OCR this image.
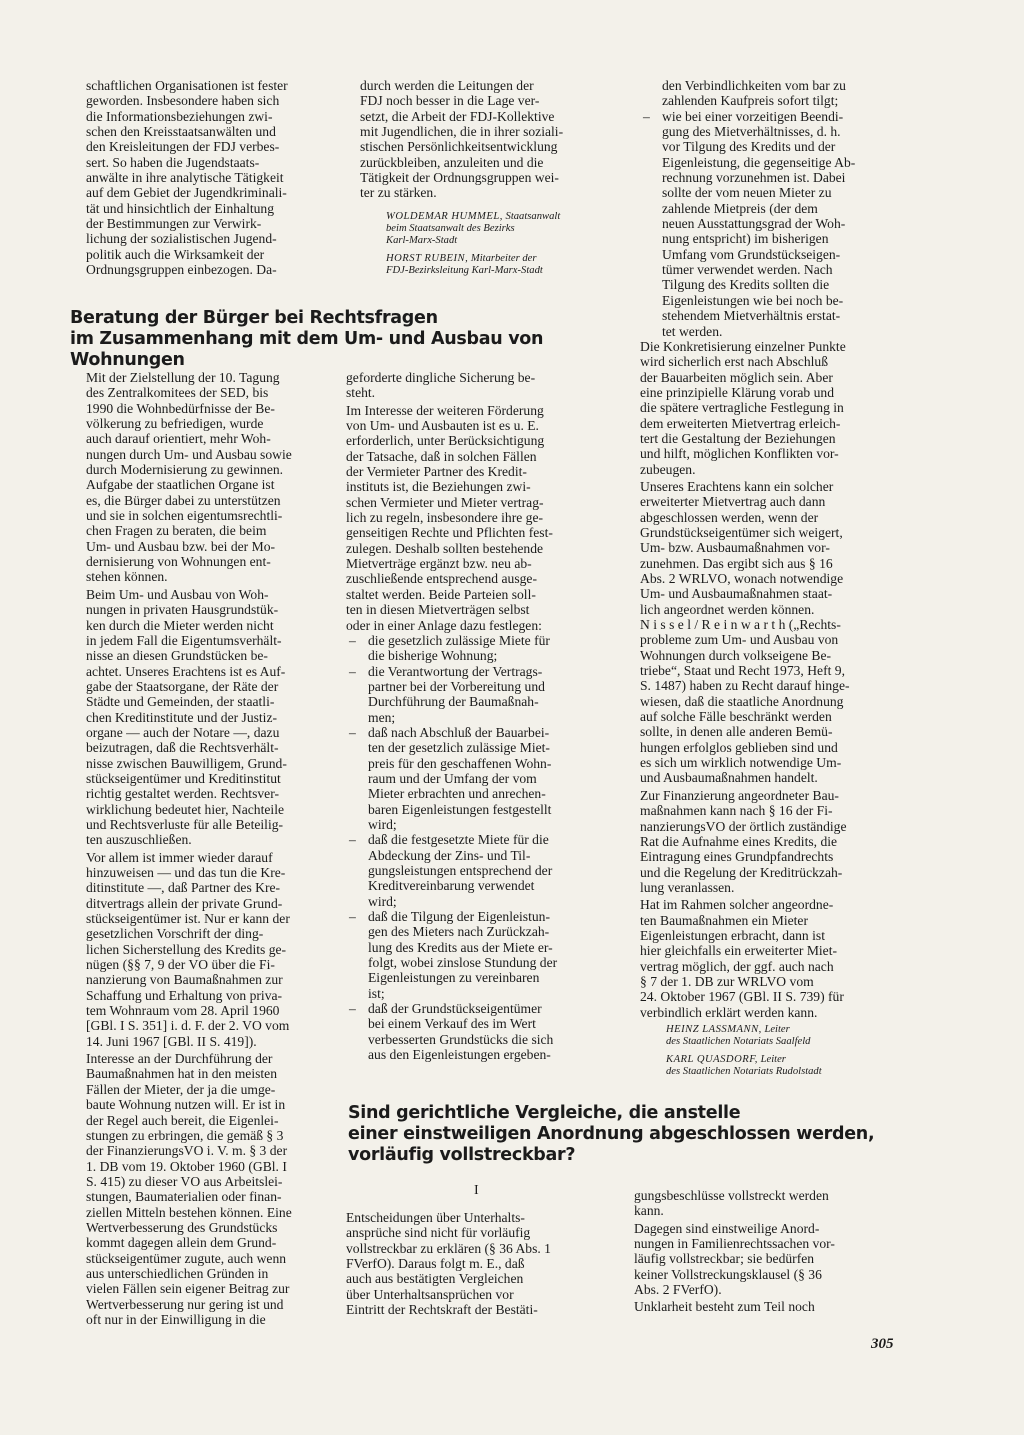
schaftlichen Organisationen ist fester
geworden. Insbesondere haben sich
die Informationsbeziehungen zwi-
schen den Kreisstaatsanwälten und
den Kreisleitungen der FDJ verbes-
sert. So haben die Jugendstaats-
anwälte in ihre analytische Tätigkeit
auf dem Gebiet der Jugendkriminali-
tät und hinsichtlich der Einhaltung
der Bestimmungen zur Verwirk-
lichung der sozialistischen Jugend-
politik auch die Wirksamkeit der
Ordnungsgruppen einbezogen. Da-

durch werden die Leitungen der
FDJ noch besser in die Lage ver-
setzt, die Arbeit der FDJ-Kollektive
mit Jugendlichen, die in ihrer soziali-
stischen Persönlichkeitsentwicklung
zurückbleiben, anzuleiten und die
Tätigkeit der Ordnungsgruppen wei-
ter zu stärken.

WOLDEMAR HUMMEL, Staatsanwalt
beim Staatsanwalt des Bezirks
Karl-Marx-Stadt
HORST RUBEIN, Mitarbeiter der
FDJ-Bezirksleitung Karl-Marx-Stadt
Beratung der Bürger bei Rechtsfragen
im Zusammenhang mit dem Um- und Ausbau von Wohnungen

Mit der Zielstellung der 10. Tagung
des Zentralkomitees der SED, bis
1990 die Wohnbedürfnisse der Be-
völkerung zu befriedigen, wurde
auch darauf orientiert, mehr Woh-
nungen durch Um- und Ausbau sowie
durch Modernisierung zu gewinnen.
Aufgabe der staatlichen Organe ist
es, die Bürger dabei zu unterstützen
und sie in solchen eigentumsrechtli-
chen Fragen zu beraten, die beim
Um- und Ausbau bzw. bei der Mo-
dernisierung von Wohnungen ent-
stehen können.

Beim Um- und Ausbau von Woh-
nungen in privaten Hausgrundstük-
ken durch die Mieter werden nicht
in jedem Fall die Eigentumsverhält-
nisse an diesen Grundstücken be-
achtet. Unseres Erachtens ist es Auf-
gabe der Staatsorgane, der Räte der
Städte und Gemeinden, der staatli-
chen Kreditinstitute und der Justiz-
organe — auch der Notare —, dazu
beizutragen, daß die Rechtsverhält-
nisse zwischen Bauwilligem, Grund-
stückseigentümer und Kreditinstitut
richtig gestaltet werden. Rechtsver-
wirklichung bedeutet hier, Nachteile
und Rechtsverluste für alle Beteilig-
ten auszuschließen.

Vor allem ist immer wieder darauf
hinzuweisen — und das tun die Kre-
ditinstitute —, daß Partner des Kre-
ditvertrags allein der private Grund-
stückseigentümer ist. Nur er kann der
gesetzlichen Vorschrift der ding-
lichen Sicherstellung des Kredits ge-
nügen (§§ 7, 9 der VO über die Fi-
nanzierung von Baumaßnahmen zur
Schaffung und Erhaltung von priva-
tem Wohnraum vom 28. April 1960
[GBl. I S. 351] i. d. F. der 2. VO vom
14. Juni 1967 [GBl. II S. 419]).

Interesse an der Durchführung der
Baumaßnahmen hat in den meisten
Fällen der Mieter, der ja die umge-
baute Wohnung nutzen will. Er ist in
der Regel auch bereit, die Eigenlei-
stungen zu erbringen, die gemäß § 3
der FinanzierungsVO i. V. m. § 3 der
1. DB vom 19. Oktober 1960 (GBl. I
S. 415) zu dieser VO aus Arbeitslei-
stungen, Baumaterialien oder finan-
ziellen Mitteln bestehen können. Eine
Wertverbesserung des Grundstücks
kommt dagegen allein dem Grund-
stückseigentümer zugute, auch wenn
aus unterschiedlichen Gründen in
vielen Fällen sein eigener Beitrag zur
Wertverbesserung nur gering ist und
oft nur in der Einwilligung in die

geforderte dingliche Sicherung be-
steht.

Im Interesse der weiteren Förderung
von Um- und Ausbauten ist es u. E.
erforderlich, unter Berücksichtigung
der Tatsache, daß in solchen Fällen
der Vermieter Partner des Kredit-
instituts ist, die Beziehungen zwi-
schen Vermieter und Mieter vertrag-
lich zu regeln, insbesondere ihre ge-
genseitigen Rechte und Pflichten fest-
zulegen. Deshalb sollten bestehende
Mietverträge ergänzt bzw. neu ab-
zuschließende entsprechend ausge-
staltet werden. Beide Parteien soll-
ten in diesen Mietverträgen selbst
oder in einer Anlage dazu festlegen:

– die gesetzlich zulässige Miete für
die bisherige Wohnung;
– die Verantwortung der Vertrags-
partner bei der Vorbereitung und
Durchführung der Baumaßnah-
men;
– daß nach Abschluß der Bauarbei-
ten der gesetzlich zulässige Miet-
preis für den geschaffenen Wohn-
raum und der Umfang der vom
Mieter erbrachten und anrechen-
baren Eigenleistungen festgestellt
wird;
– daß die festgesetzte Miete für die
Abdeckung der Zins- und Til-
gungsleistungen entsprechend der
Kreditvereinbarung verwendet
wird;
– daß die Tilgung der Eigenleistun-
gen des Mieters nach Zurückzah-
lung des Kredits aus der Miete er-
folgt, wobei zinslose Stundung der
Eigenleistungen zu vereinbaren
ist;
– daß der Grundstückseigentümer
bei einem Verkauf des im Wert
verbesserten Grundstücks die sich
aus den Eigenleistungen ergeben-

den Verbindlichkeiten vom bar zu
zahlenden Kaufpreis sofort tilgt;

– wie bei einer vorzeitigen Beendi-
gung des Mietverhältnisses, d. h.
vor Tilgung des Kredits und der
Eigenleistung, die gegenseitige Ab-
rechnung vorzunehmen ist. Dabei
sollte der vom neuen Mieter zu
zahlende Mietpreis (der dem
neuen Ausstattungsgrad der Woh-
nung entspricht) im bisherigen
Umfang vom Grundstückseigen-
tümer verwendet werden. Nach
Tilgung des Kredits sollten die
Eigenleistungen wie bei noch be-
stehendem Mietverhältnis erstat-
tet werden.

Die Konkretisierung einzelner Punkte
wird sicherlich erst nach Abschluß
der Bauarbeiten möglich sein. Aber
eine prinzipielle Klärung vorab und
die spätere vertragliche Festlegung in
dem erweiterten Mietvertrag erleich-
tert die Gestaltung der Beziehungen
und hilft, möglichen Konflikten vor-
zubeugen.

Unseres Erachtens kann ein solcher
erweiterter Mietvertrag auch dann
abgeschlossen werden, wenn der
Grundstückseigentümer sich weigert,
Um- bzw. Ausbaumaßnahmen vor-
zunehmen. Das ergibt sich aus § 16
Abs. 2 WRLVO, wonach notwendige
Um- und Ausbaumaßnahmen staat-
lich angeordnet werden können.
N i s s e l / R e i n w a r t h („Rechts-
probleme zum Um- und Ausbau von
Wohnungen durch volkseigene Be-
triebe“, Staat und Recht 1973, Heft 9,
S. 1487) haben zu Recht darauf hinge-
wiesen, daß die staatliche Anordnung
auf solche Fälle beschränkt werden
sollte, in denen alle anderen Bemü-
hungen erfolglos geblieben sind und
es sich um wirklich notwendige Um-
und Ausbaumaßnahmen handelt.

Zur Finanzierung angeordneter Bau-
maßnahmen kann nach § 16 der Fi-
nanzierungsVO der örtlich zuständige
Rat die Aufnahme eines Kredits, die
Eintragung eines Grundpfandrechts
und die Regelung der Kreditrückzah-
lung veranlassen.

Hat im Rahmen solcher angeordne-
ten Baumaßnahmen ein Mieter
Eigenleistungen erbracht, dann ist
hier gleichfalls ein erweiterter Miet-
vertrag möglich, der ggf. auch nach
§ 7 der 1. DB zur WRLVO vom
24. Oktober 1967 (GBl. II S. 739) für
verbindlich erklärt werden kann.

HEINZ LASSMANN, Leiter
des Staatlichen Notariats Saalfeld
KARL QUASDORF, Leiter
des Staatlichen Notariats Rudolstadt
Sind gerichtliche Vergleiche, die anstelle
einer einstweiligen Anordnung abgeschlossen werden,
vorläufig vollstreckbar?
I

Entscheidungen über Unterhalts-
ansprüche sind nicht für vorläufig
vollstreckbar zu erklären (§ 36 Abs. 1
FVerfO). Daraus folgt m. E., daß
auch aus bestätigten Vergleichen
über Unterhaltsansprüchen vor
Eintritt der Rechtskraft der Bestäti-

gungsbeschlüsse vollstreckt werden
kann.

Dagegen sind einstweilige Anord-
nungen in Familienrechtssachen vor-
läufig vollstreckbar; sie bedürfen
keiner Vollstreckungsklausel (§ 36
Abs. 2 FVerfO).

Unklarheit besteht zum Teil noch

305
